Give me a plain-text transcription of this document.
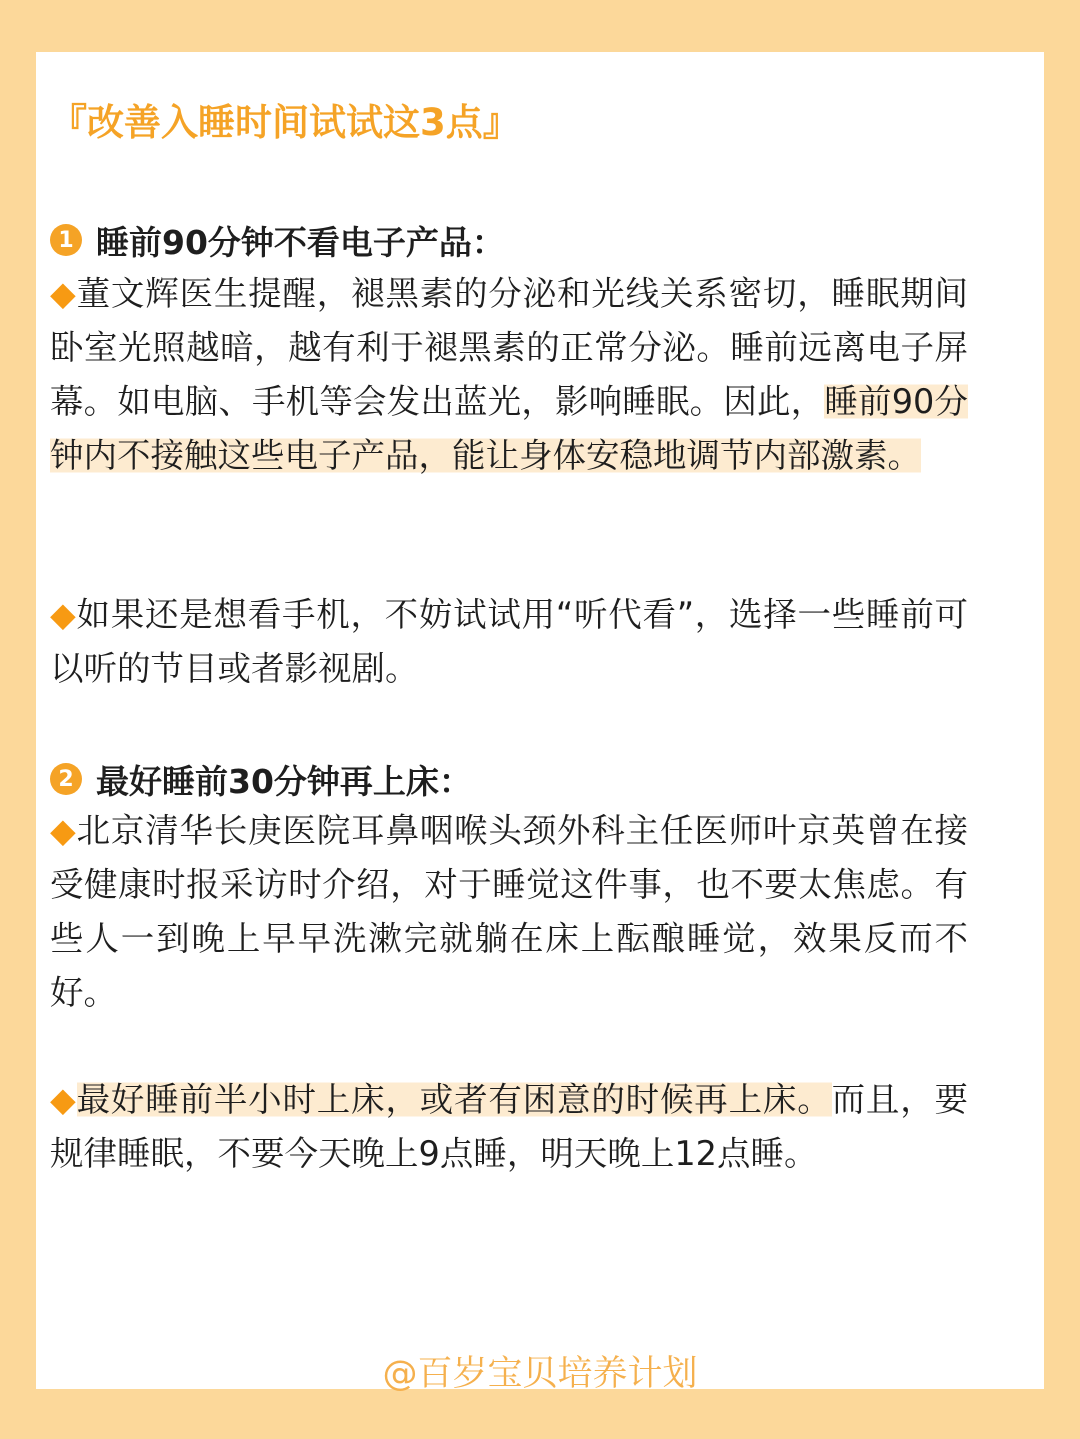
『改善入睡时间试试这3点』
1 睡前90分钟不看电子产品：
◆董文辉医生提醒，褪黑素的分泌和光线关系密切，睡眠期间卧室光照越暗，越有利于褪黑素的正常分泌。睡前远离电子屏幕。如电脑、手机等会发出蓝光，影响睡眠。因此，睡前90分钟内不接触这些电子产品，能让身体安稳地调节内部激素。
◆如果还是想看手机，不妨试试用“听代看”，选择一些睡前可以听的节目或者影视剧。
2 最好睡前30分钟再上床：
◆北京清华长庚医院耳鼻咽喉头颈外科主任医师叶京英曾在接受健康时报采访时介绍，对于睡觉这件事，也不要太焦虑。有些人一到晚上早早洗漱完就躺在床上酝酿睡觉，效果反而不好。
◆最好睡前半小时上床，或者有困意的时候再上床。而且，要规律睡眠，不要今天晚上9点睡，明天晚上12点睡。
@百岁宝贝培养计划
